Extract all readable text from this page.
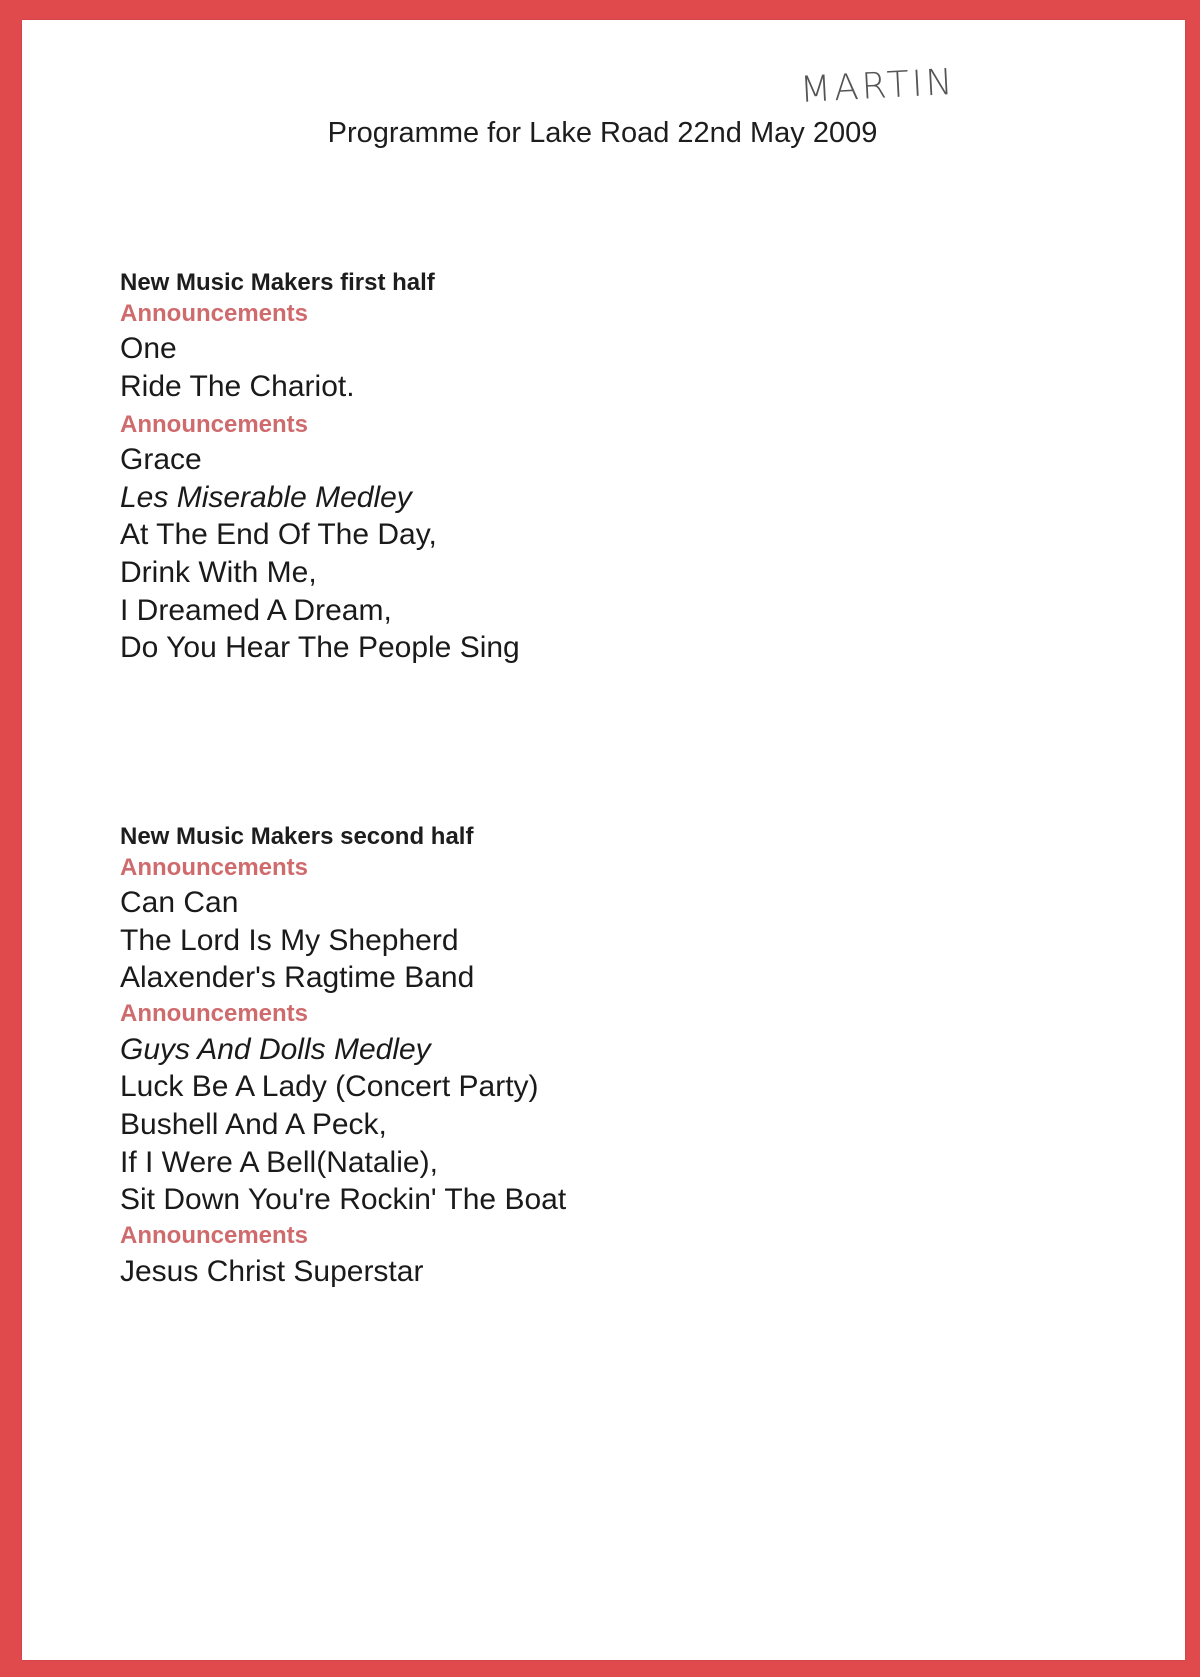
MARTIN
Programme for Lake Road 22nd May 2009

New Music Makers first half

Announcements

One

Ride The Chariot.

Announcements

Grace

Les Miserable Medley

At The End Of The Day,

Drink With Me,

I Dreamed A Dream,

Do You Hear The People Sing

New Music Makers second half

Announcements

Can Can

The Lord Is My Shepherd

Alaxender's Ragtime Band

Announcements

Guys And Dolls Medley

Luck Be A Lady (Concert Party)

Bushell And A Peck,

If I Were A Bell(Natalie),

Sit Down You're Rockin' The Boat

Announcements

Jesus Christ Superstar
